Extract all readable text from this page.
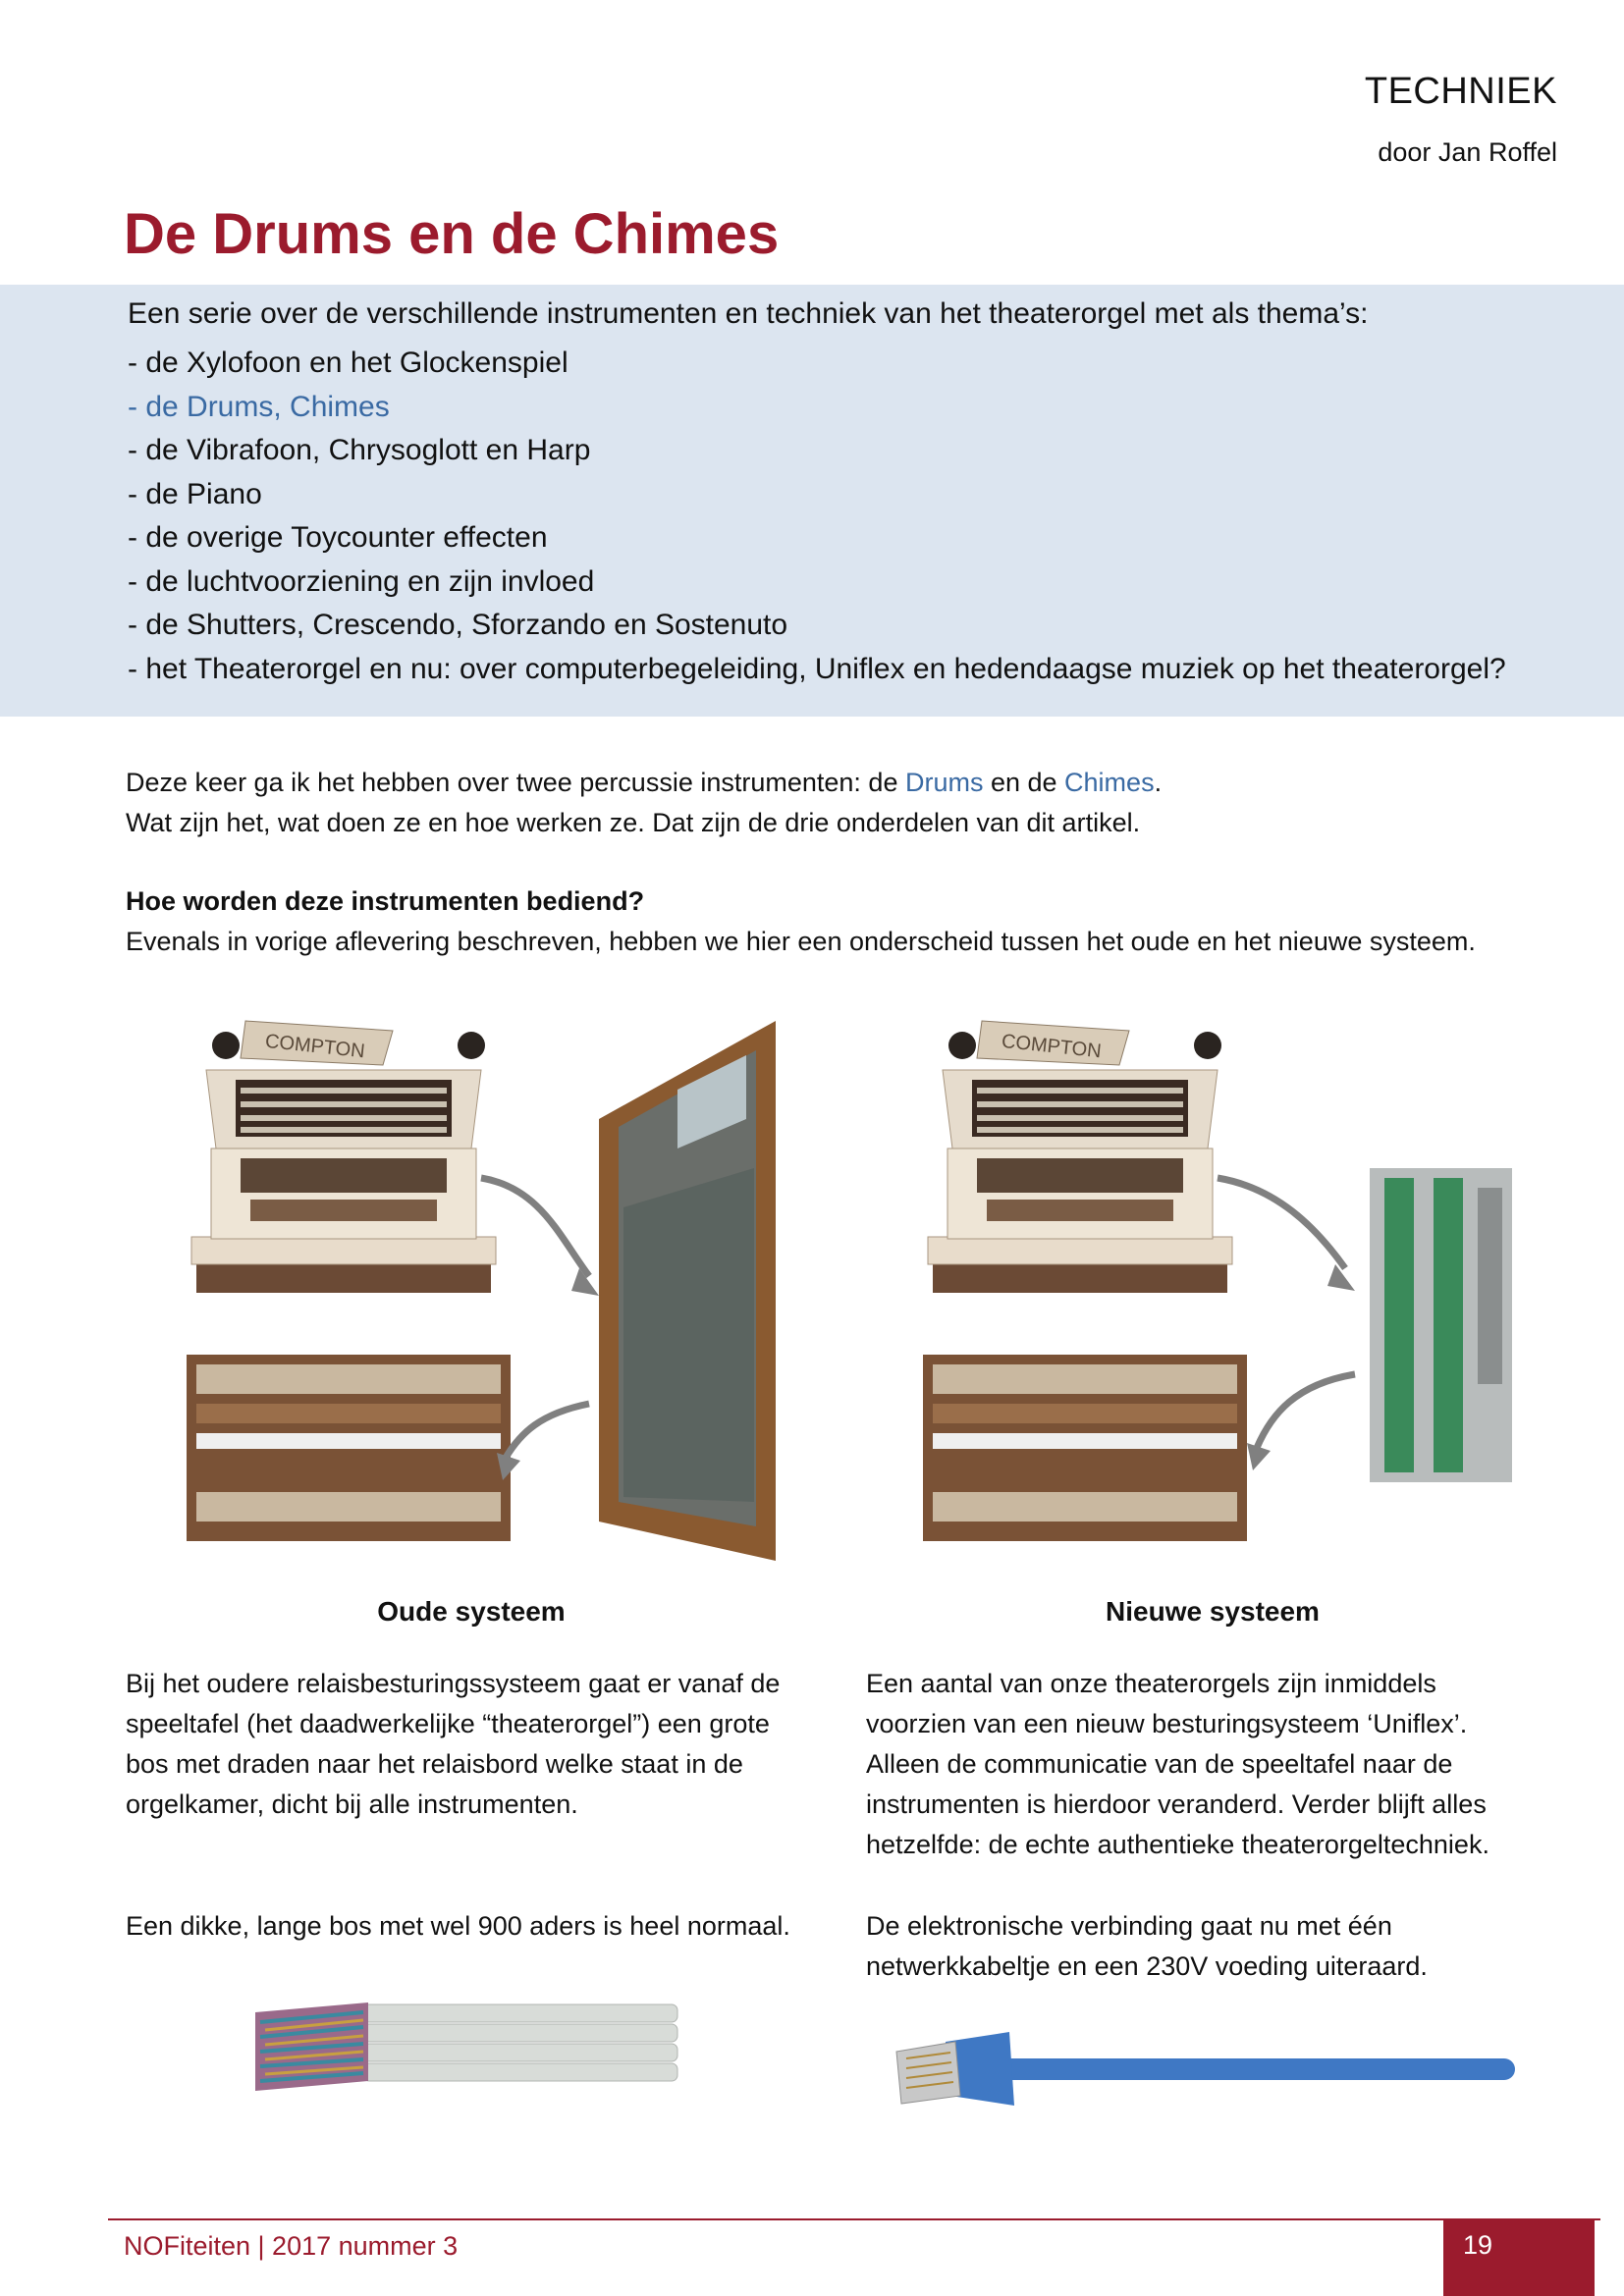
TECHNIEK
door Jan Roffel
De Drums en de Chimes
Een serie over de verschillende instrumenten en techniek van het theaterorgel met als thema’s:
- de Xylofoon en het Glockenspiel
- de Drums, Chimes
- de Vibrafoon, Chrysoglott en Harp
- de Piano
- de overige Toycounter effecten
- de luchtvoorziening en zijn invloed
- de Shutters, Crescendo, Sforzando en Sostenuto
- het Theaterorgel en nu: over computerbegeleiding, Uniflex en hedendaagse muziek op het theaterorgel?
Deze keer ga ik het hebben over twee percussie instrumenten: de Drums en de Chimes.
Wat zijn het, wat doen ze en hoe werken ze. Dat zijn de drie onderdelen van dit artikel.
Hoe worden deze instrumenten bediend?
Evenals in vorige aflevering beschreven, hebben we hier een onderscheid tussen het oude en het nieuwe systeem.
COMPTON	COMPTON
Oude systeem	Nieuwe systeem
Bij het oudere relaisbesturingssysteem gaat er vanaf de
speeltafel (het daadwerkelijke “theaterorgel”) een grote
bos met draden naar het relaisbord welke staat in de
orgelkamer, dicht bij alle instrumenten.
Een dikke, lange bos met wel 900 aders is heel normaal.
Een aantal van onze theaterorgels zijn inmiddels
voorzien van een nieuw besturingsysteem ‘Uniflex’.
Alleen de communicatie van de speeltafel naar de
instrumenten is hierdoor veranderd. Verder blijft alles
hetzelfde: de echte authentieke theaterorgeltechniek.
De elektronische verbinding gaat nu met één
netwerkkabeltje en een 230V voeding uiteraard.
NOFiteiten | 2017 nummer 3	19
